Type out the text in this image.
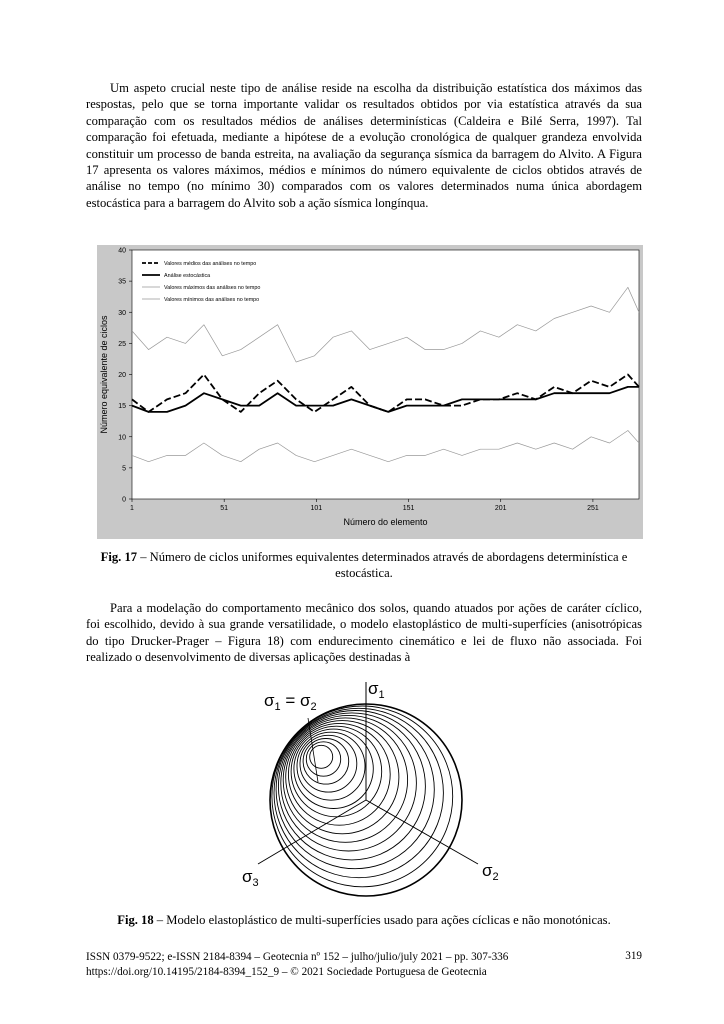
Um aspeto crucial neste tipo de análise reside na escolha da distribuição estatística dos máximos das respostas, pelo que se torna importante validar os resultados obtidos por via estatística através da sua comparação com os resultados médios de análises determinísticas (Caldeira e Bilé Serra, 1997). Tal comparação foi efetuada, mediante a hipótese de a evolução cronológica de qualquer grandeza envolvida constituir um processo de banda estreita, na avaliação da segurança sísmica da barragem do Alvito. A Figura 17 apresenta os valores máximos, médios e mínimos do número equivalente de ciclos obtidos através de análise no tempo (no mínimo 30) comparados com os valores determinados numa única abordagem estocástica para a barragem do Alvito sob a ação sísmica longínqua.

0
5
10
15
20
25
30
35
40
1	51	101	151	201	251
Valores médios das análises no tempo
Análise estocástica
Valores máximos das análises no tempo
Valores mínimos das análises no tempo
Número do elemento
Número equivalente de ciclos

Fig. 17 – Número de ciclos uniformes equivalentes determinados através de abordagens determinística e estocástica.

Para a modelação do comportamento mecânico dos solos, quando atuados por ações de caráter cíclico, foi escolhido, devido à sua grande versatilidade, o modelo elastoplástico de multi-superfícies (anisotrópicas do tipo Drucker-Prager – Figura 18) com endurecimento cinemático e lei de fluxo não associada. Foi realizado o desenvolvimento de diversas aplicações destinadas à

$\sigma_1 = \sigma_2$
$\sigma_1$
$\sigma_2$
$\sigma_3$

Fig. 18 – Modelo elastoplástico de multi-superfícies usado para ações cíclicas e não monotónicas.

ISSN 0379-9522; e-ISSN 2184-8394 – Geotecnia nº 152 – julho/julio/july 2021 – pp. 307-336
https://doi.org/10.14195/2184-8394_152_9 – © 2021 Sociedade Portuguesa de Geotecnia
319
